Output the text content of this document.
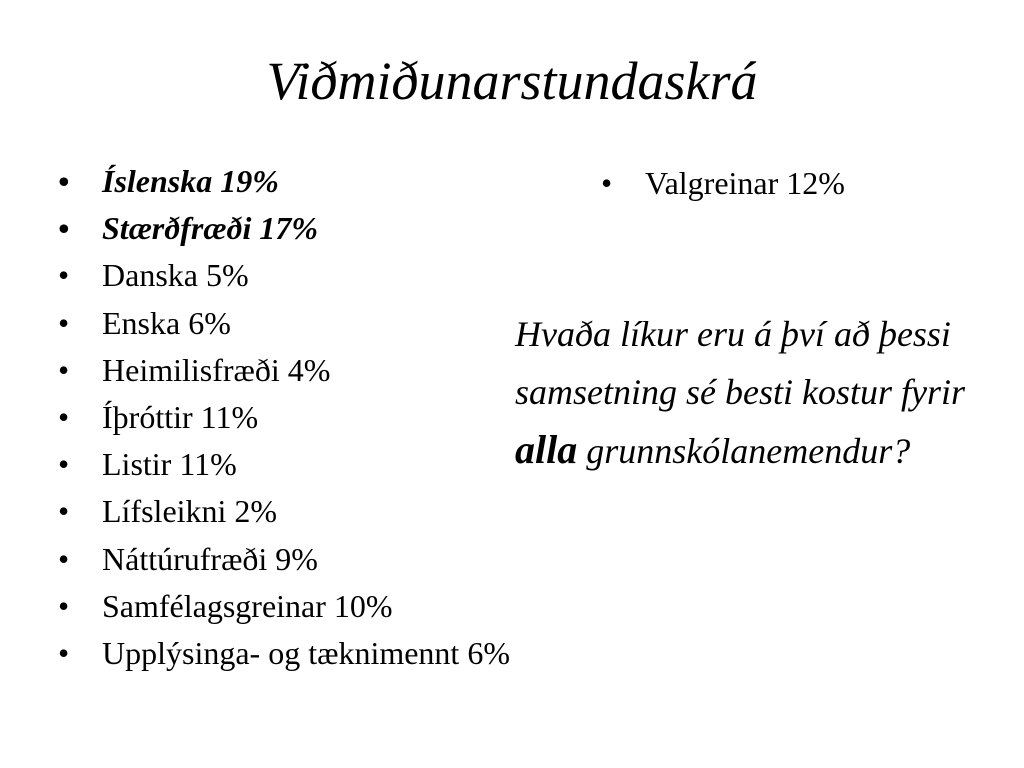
Viðmiðunarstundaskrá
• Íslenska 19%
• Stærðfræði 17%
• Danska 5%
• Enska 6%
• Heimilisfræði 4%
• Íþróttir 11%
• Listir 11%
• Lífsleikni 2%
• Náttúrufræði 9%
• Samfélagsgreinar 10%
• Upplýsinga- og tæknimennt 6%
• Valgreinar 12%

Hvaða líkur eru á því að þessi samsetning sé besti kostur fyrir alla grunnskólanemendur?
